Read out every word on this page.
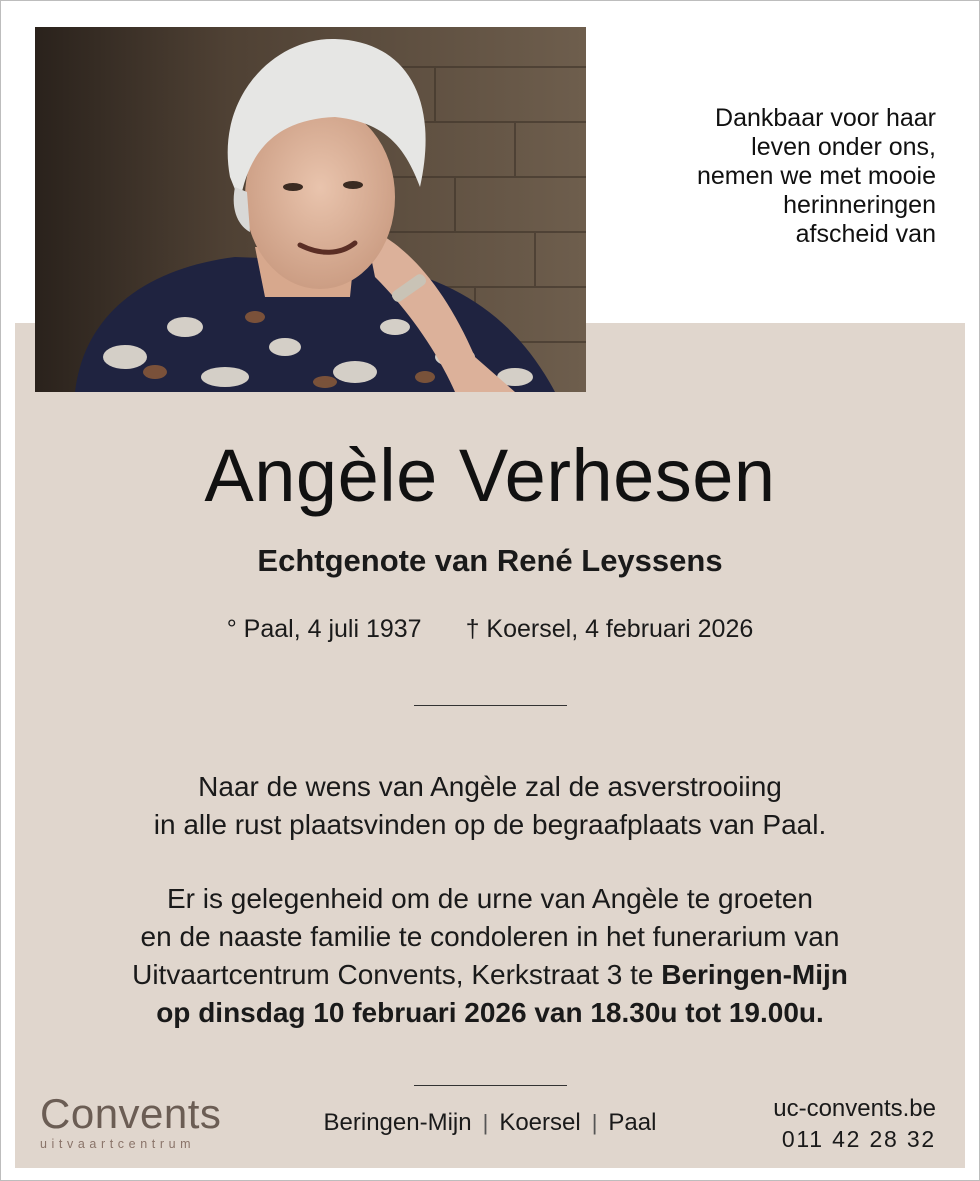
Dankbaar voor haar
leven onder ons,
nemen we met mooie
herinneringen
afscheid van
Angèle Verhesen
Echtgenote van René Leyssens
° Paal, 4 juli 1937 † Koersel, 4 februari 2026
Naar de wens van Angèle zal de asverstrooiing
in alle rust plaatsvinden op de begraafplaats van Paal.
Er is gelegenheid om de urne van Angèle te groeten
en de naaste familie te condoleren in het funerarium van
Uitvaartcentrum Convents, Kerkstraat 3 te Beringen-Mijn
op dinsdag 10 februari 2026 van 18.30u tot 19.00u.
Convents
uitvaartcentrum
Beringen-Mijn | Koersel | Paal
uc-convents.be
011 42 28 32
